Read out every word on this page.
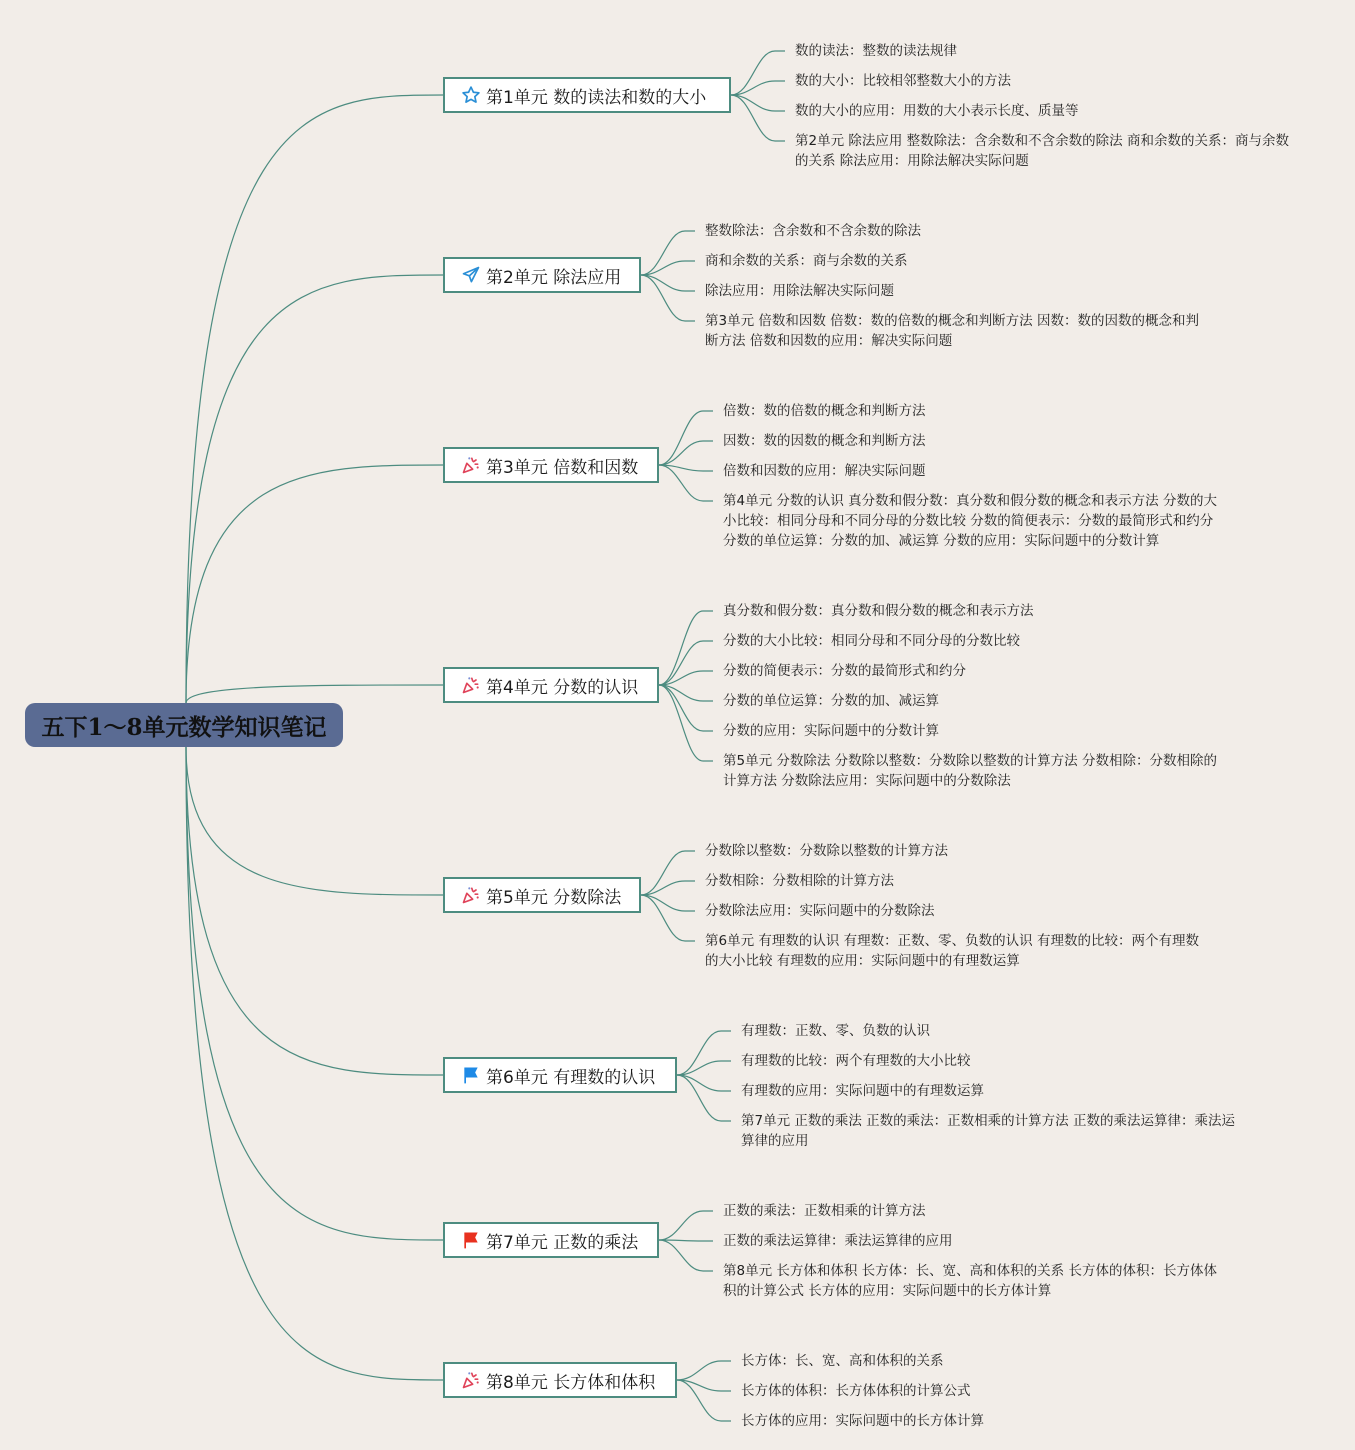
五下1～8单元数学知识笔记
第1单元 数的读法和数的大小
数的读法：整数的读法规律
数的大小：比较相邻整数大小的方法
数的大小的应用：用数的大小表示长度、质量等
第2单元 除法应用 整数除法：含余数和不含余数的除法 商和余数的关系：商与余数的关系 除法应用：用除法解决实际问题
第2单元 除法应用
整数除法：含余数和不含余数的除法
商和余数的关系：商与余数的关系
除法应用：用除法解决实际问题
第3单元 倍数和因数 倍数：数的倍数的概念和判断方法 因数：数的因数的概念和判断方法 倍数和因数的应用：解决实际问题
第3单元 倍数和因数
倍数：数的倍数的概念和判断方法
因数：数的因数的概念和判断方法
倍数和因数的应用：解决实际问题
第4单元 分数的认识 真分数和假分数：真分数和假分数的概念和表示方法 分数的大小比较：相同分母和不同分母的分数比较 分数的简便表示：分数的最简形式和约分 分数的单位运算：分数的加、减运算 分数的应用：实际问题中的分数计算
第4单元 分数的认识
真分数和假分数：真分数和假分数的概念和表示方法
分数的大小比较：相同分母和不同分母的分数比较
分数的简便表示：分数的最简形式和约分
分数的单位运算：分数的加、减运算
分数的应用：实际问题中的分数计算
第5单元 分数除法 分数除以整数：分数除以整数的计算方法 分数相除：分数相除的计算方法 分数除法应用：实际问题中的分数除法
第5单元 分数除法
分数除以整数：分数除以整数的计算方法
分数相除：分数相除的计算方法
分数除法应用：实际问题中的分数除法
第6单元 有理数的认识 有理数：正数、零、负数的认识 有理数的比较：两个有理数的大小比较 有理数的应用：实际问题中的有理数运算
第6单元 有理数的认识
有理数：正数、零、负数的认识
有理数的比较：两个有理数的大小比较
有理数的应用：实际问题中的有理数运算
第7单元 正数的乘法 正数的乘法：正数相乘的计算方法 正数的乘法运算律：乘法运算律的应用
第7单元 正数的乘法
正数的乘法：正数相乘的计算方法
正数的乘法运算律：乘法运算律的应用
第8单元 长方体和体积 长方体：长、宽、高和体积的关系 长方体的体积：长方体体积的计算公式 长方体的应用：实际问题中的长方体计算
第8单元 长方体和体积
长方体：长、宽、高和体积的关系
长方体的体积：长方体体积的计算公式
长方体的应用：实际问题中的长方体计算
